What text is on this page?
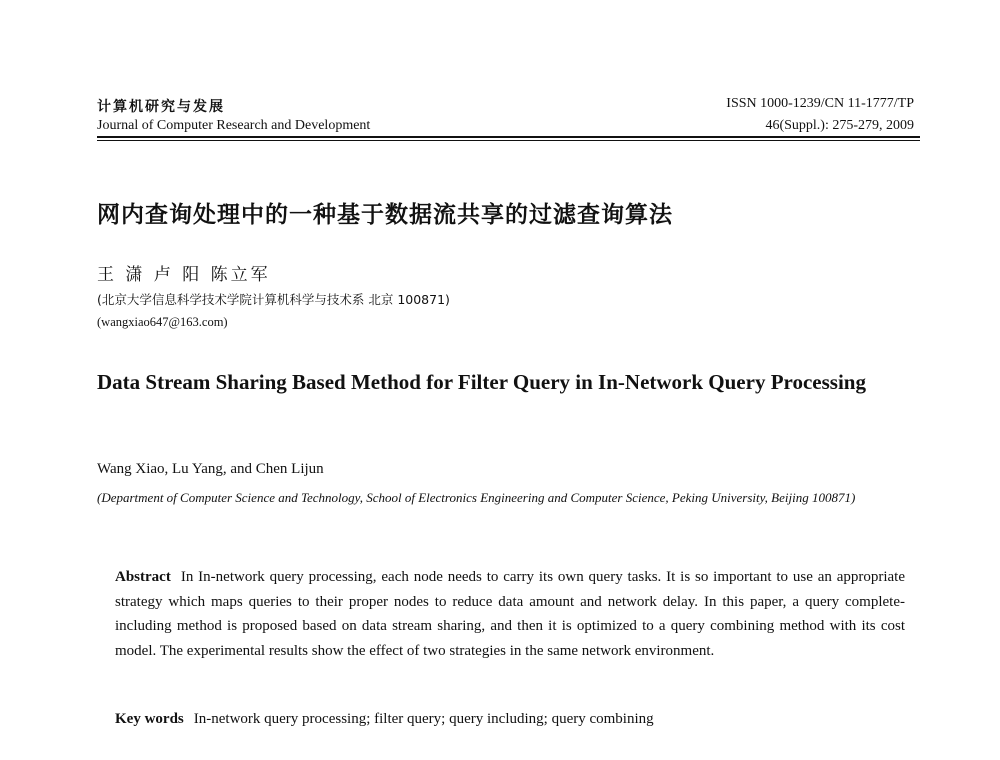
计算机研究与发展
Journal of Computer Research and Development
ISSN 1000-1239/CN 11-1777/TP
46(Suppl.): 275-279, 2009
网内查询处理中的一种基于数据流共享的过滤查询算法
王 潇 卢 阳 陈立军
(北京大学信息科学技术学院计算机科学与技术系 北京 100871)
(wangxiao647@163.com)
Data Stream Sharing Based Method for Filter Query in In-Network Query Processing
Wang Xiao, Lu Yang, and Chen Lijun
(Department of Computer Science and Technology, School of Electronics Engineering and Computer Science, Peking University, Beijing 100871)
Abstract In In-network query processing, each node needs to carry its own query tasks. It is so important to use an appropriate strategy which maps queries to their proper nodes to reduce data amount and network delay. In this paper, a query complete-including method is proposed based on data stream sharing, and then it is optimized to a query combining method with its cost model. The experimental results show the effect of two strategies in the same network environment.
Key words In-network query processing; filter query; query including; query combining
